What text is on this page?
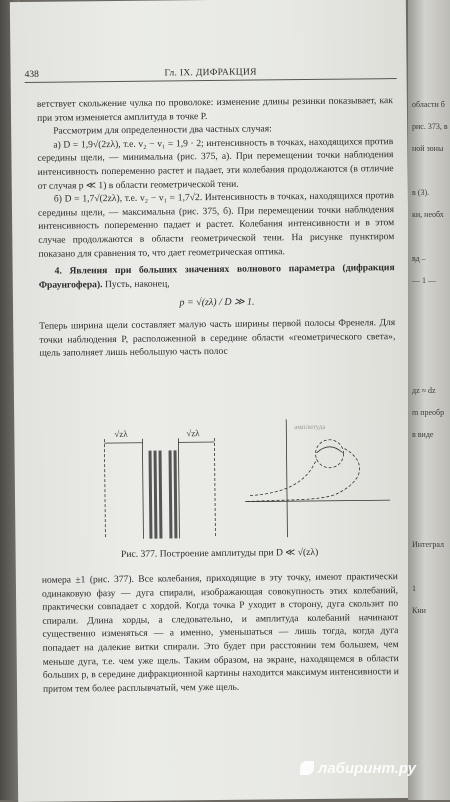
438	Гл. IX. ДИФРАКЦИЯ

ветствует скольжение чулка по проволоке: изменение длины резинки показывает, как при этом изменяется амплитуда в точке P.

Рассмотрим для определенности два частных случая:

а) D = 1,9√(2zλ), т.е. v₂ − v₁ = 1,9 · 2; интенсивность в точках, находящихся против середины щели, — минимальна (рис. 375, а). При перемещении точки наблюдения интенсивность попеременно растет и падает, эти колебания продолжаются (в отличие от случая p ≪ 1) в области геометрической тени.

б) D = 1,7√(2zλ), т.е. v₂ − v₁ = 1,7√2. Интенсивность в точках, находящихся против середины щели, — максимальна (рис. 375, б). При перемещении точки наблюдения интенсивность попеременно падает и растет. Колебания интенсивности и в этом случае продолжаются в области геометрической тени. На рисунке пунктиром показано для сравнения то, что дает геометрическая оптика.

4. Явления при больших значениях волнового параметра (дифракция Фраунгофера). Пусть, наконец,

p = √(zλ) / D ≫ 1.

Теперь ширина щели составляет малую часть ширины первой полосы Френеля. Для точки наблюдения P, расположенной в середине области «геометрического света», щель заполняет лишь небольшую часть полос

√zλ	√zλ
амплитуда
Рис. 377. Построение амплитуды при D ≪ √(zλ)

номера ±1 (рис. 377). Все колебания, приходящие в эту точку, имеют практически одинаковую фазу — дуга спирали, изображающая совокупность этих колебаний, практически совпадает с хордой. Когда точка P уходит в сторону, дуга скользит по спирали. Длина хорды, а следовательно, и амплитуда колебаний начинают существенно изменяться — а именно, уменьшаться — лишь тогда, когда дуга попадает на далекие витки спирали. Это будет при расстоянии тем большем, чем меньше дуга, т.е. чем уже щель. Таким образом, на экране, находящемся в области больших p, в середине дифракционной картины находится максимум интенсивности и притом тем более расплывчатый, чем уже щель.

области б
рис. 373, в
ной зоны
в (3).
ки, необх
вд –
— 1 —
дz ≈ dz
m преобр
в виде
Интеграл
1
Кни
лабиринт.ру
